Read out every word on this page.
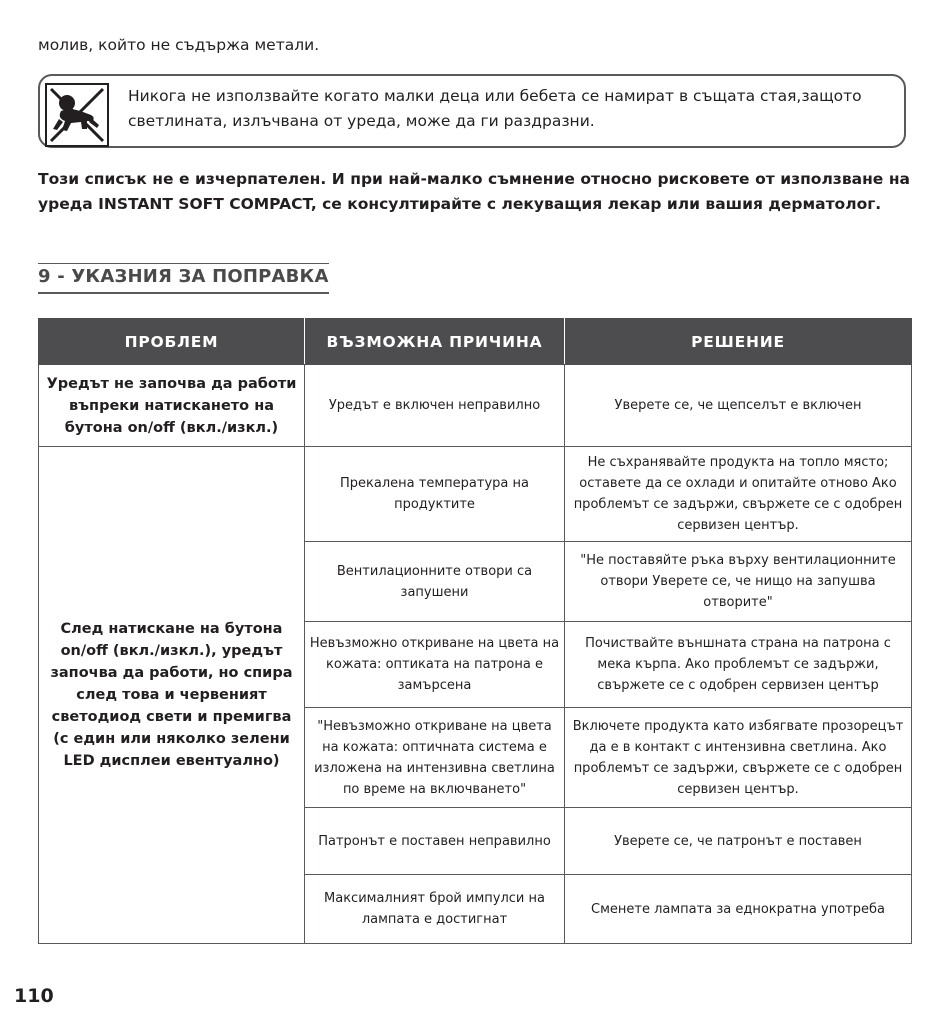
молив, който не съдържа метали.
Никога не използвайте когато малки деца или бебета се намират в същата стая,защото
светлината, излъчвана от уреда, може да ги раздразни.
Този списък не е изчерпателен. И при най-малко съмнение относно рисковете от използване на уреда INSTANT SOFT COMPACT, се консултирайте с лекуващия лекар или вашия дерматолог.
9 - УКАЗНИЯ ЗА ПОПРАВКА
ПРОБЛЕМ	ВЪЗМОЖНА ПРИЧИНА	РЕШЕНИЕ
Уредът не започва да работи въпреки натискането на бутона on/off (вкл./изкл.)	Уредът е включен неправилно	Уверете се, че щепселът е включен
След натискане на бутона on/off (вкл./изкл.), уредът започва да работи, но спира след това и червеният светодиод свети и премигва (с един или няколко зелени LED дисплеи евентуално)	Прекалена температура на продуктите	Не съхранявайте продукта на топло място; оставете да се охлади и опитайте отново Ако проблемът се задържи, свържете се с одобрен сервизен център.
	Вентилационните отвори са запушени	"Не поставяйте ръка върху вентилационните отвори Уверете се, че нищо на запушва отворите"
	Невъзможно откриване на цвета на кожата: оптиката на патрона е замърсена	Почиствайте външната страна на патрона с мека кърпа. Ако проблемът се задържи, свържете се с одобрен сервизен център
	"Невъзможно откриване на цвета на кожата: оптичната система е изложена на интензивна светлина по време на включването"	Включете продукта като избягвате прозорецът да е в контакт с интензивна светлина. Ако проблемът се задържи, свържете се с одобрен сервизен център.
	Патронът е поставен неправилно	Уверете се, че патронът е поставен
	Максималният брой импулси на лампата е достигнат	Сменете лампата за еднократна употреба
110
